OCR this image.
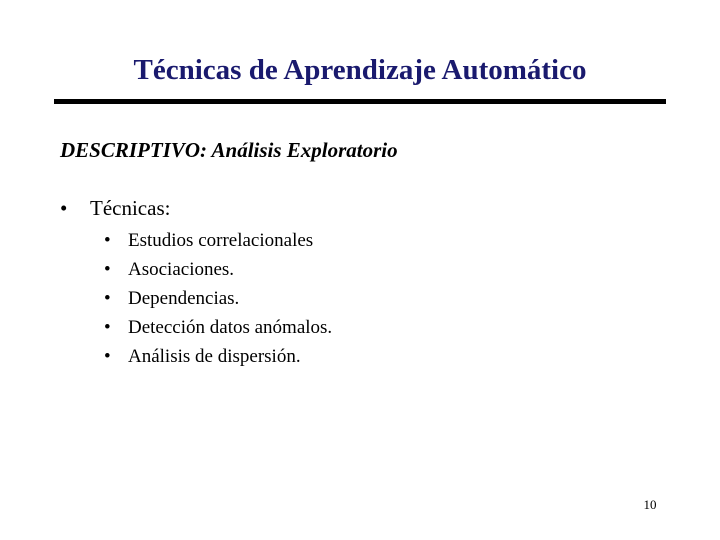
Técnicas de Aprendizaje Automático

DESCRIPTIVO: Análisis Exploratorio

•	Técnicas:
• Estudios correlacionales
• Asociaciones.
• Dependencias.
• Detección datos anómalos.
• Análisis de dispersión.
10
